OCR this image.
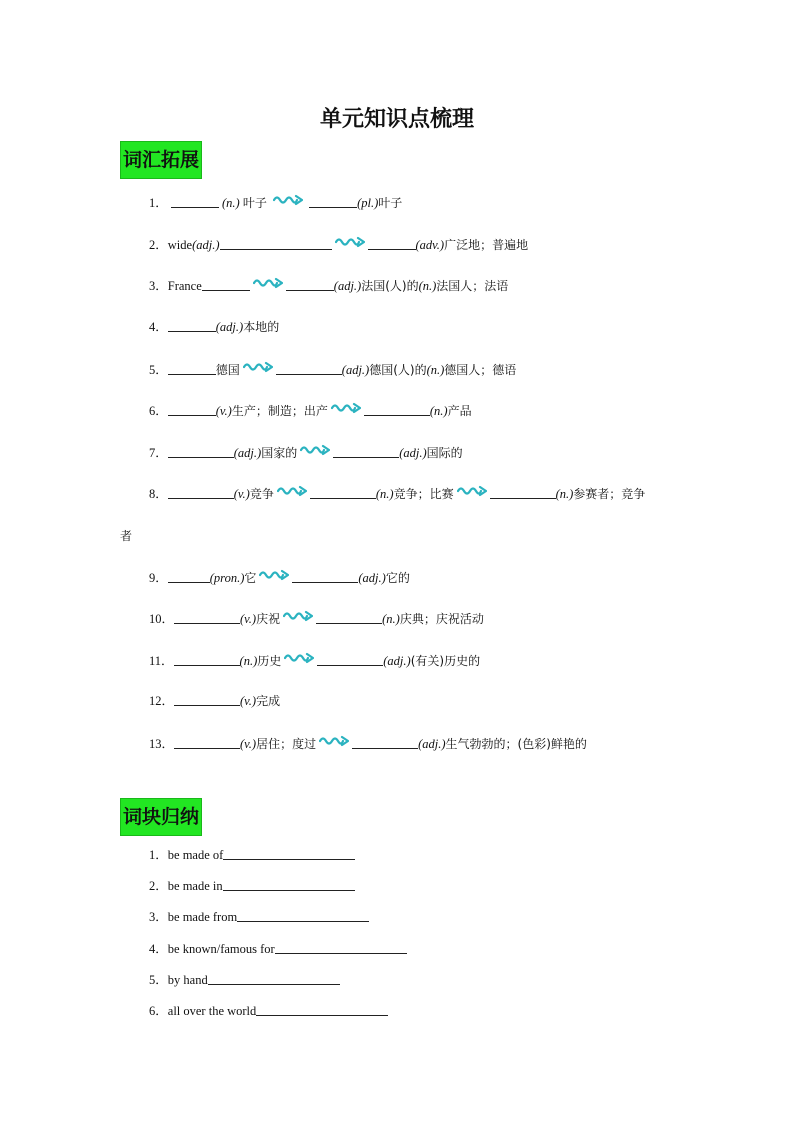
单元知识点梳理
词汇拓展
1．	(n.) 叶子	(pl.)叶子
2．wide(adj.)	(adv.)广泛地；普遍地
3．France	(adj.)法国(人)的(n.)法国人；法语
4．	(adj.)本地的
5．	德国	(adj.)德国(人)的(n.)德国人；德语
6．	(v.)生产；制造；出产	(n.)产品
7．	(adj.)国家的	(adj.)国际的
8．	(v.)竞争	(n.)竞争；比赛	(n.)参赛者；竞争
者
9．	(pron.)它	(adj.)它的
10．	(v.)庆祝	(n.)庆典；庆祝活动
11．	(n.)历史	(adj.)(有关)历史的
12．	(v.)完成
13．	(v.)居住；度过	(adj.)生气勃勃的；(色彩)鲜艳的
词块归纳
1．be made of
2．be made in
3．be made from
4．be known/famous for
5．by hand
6．all over the world
